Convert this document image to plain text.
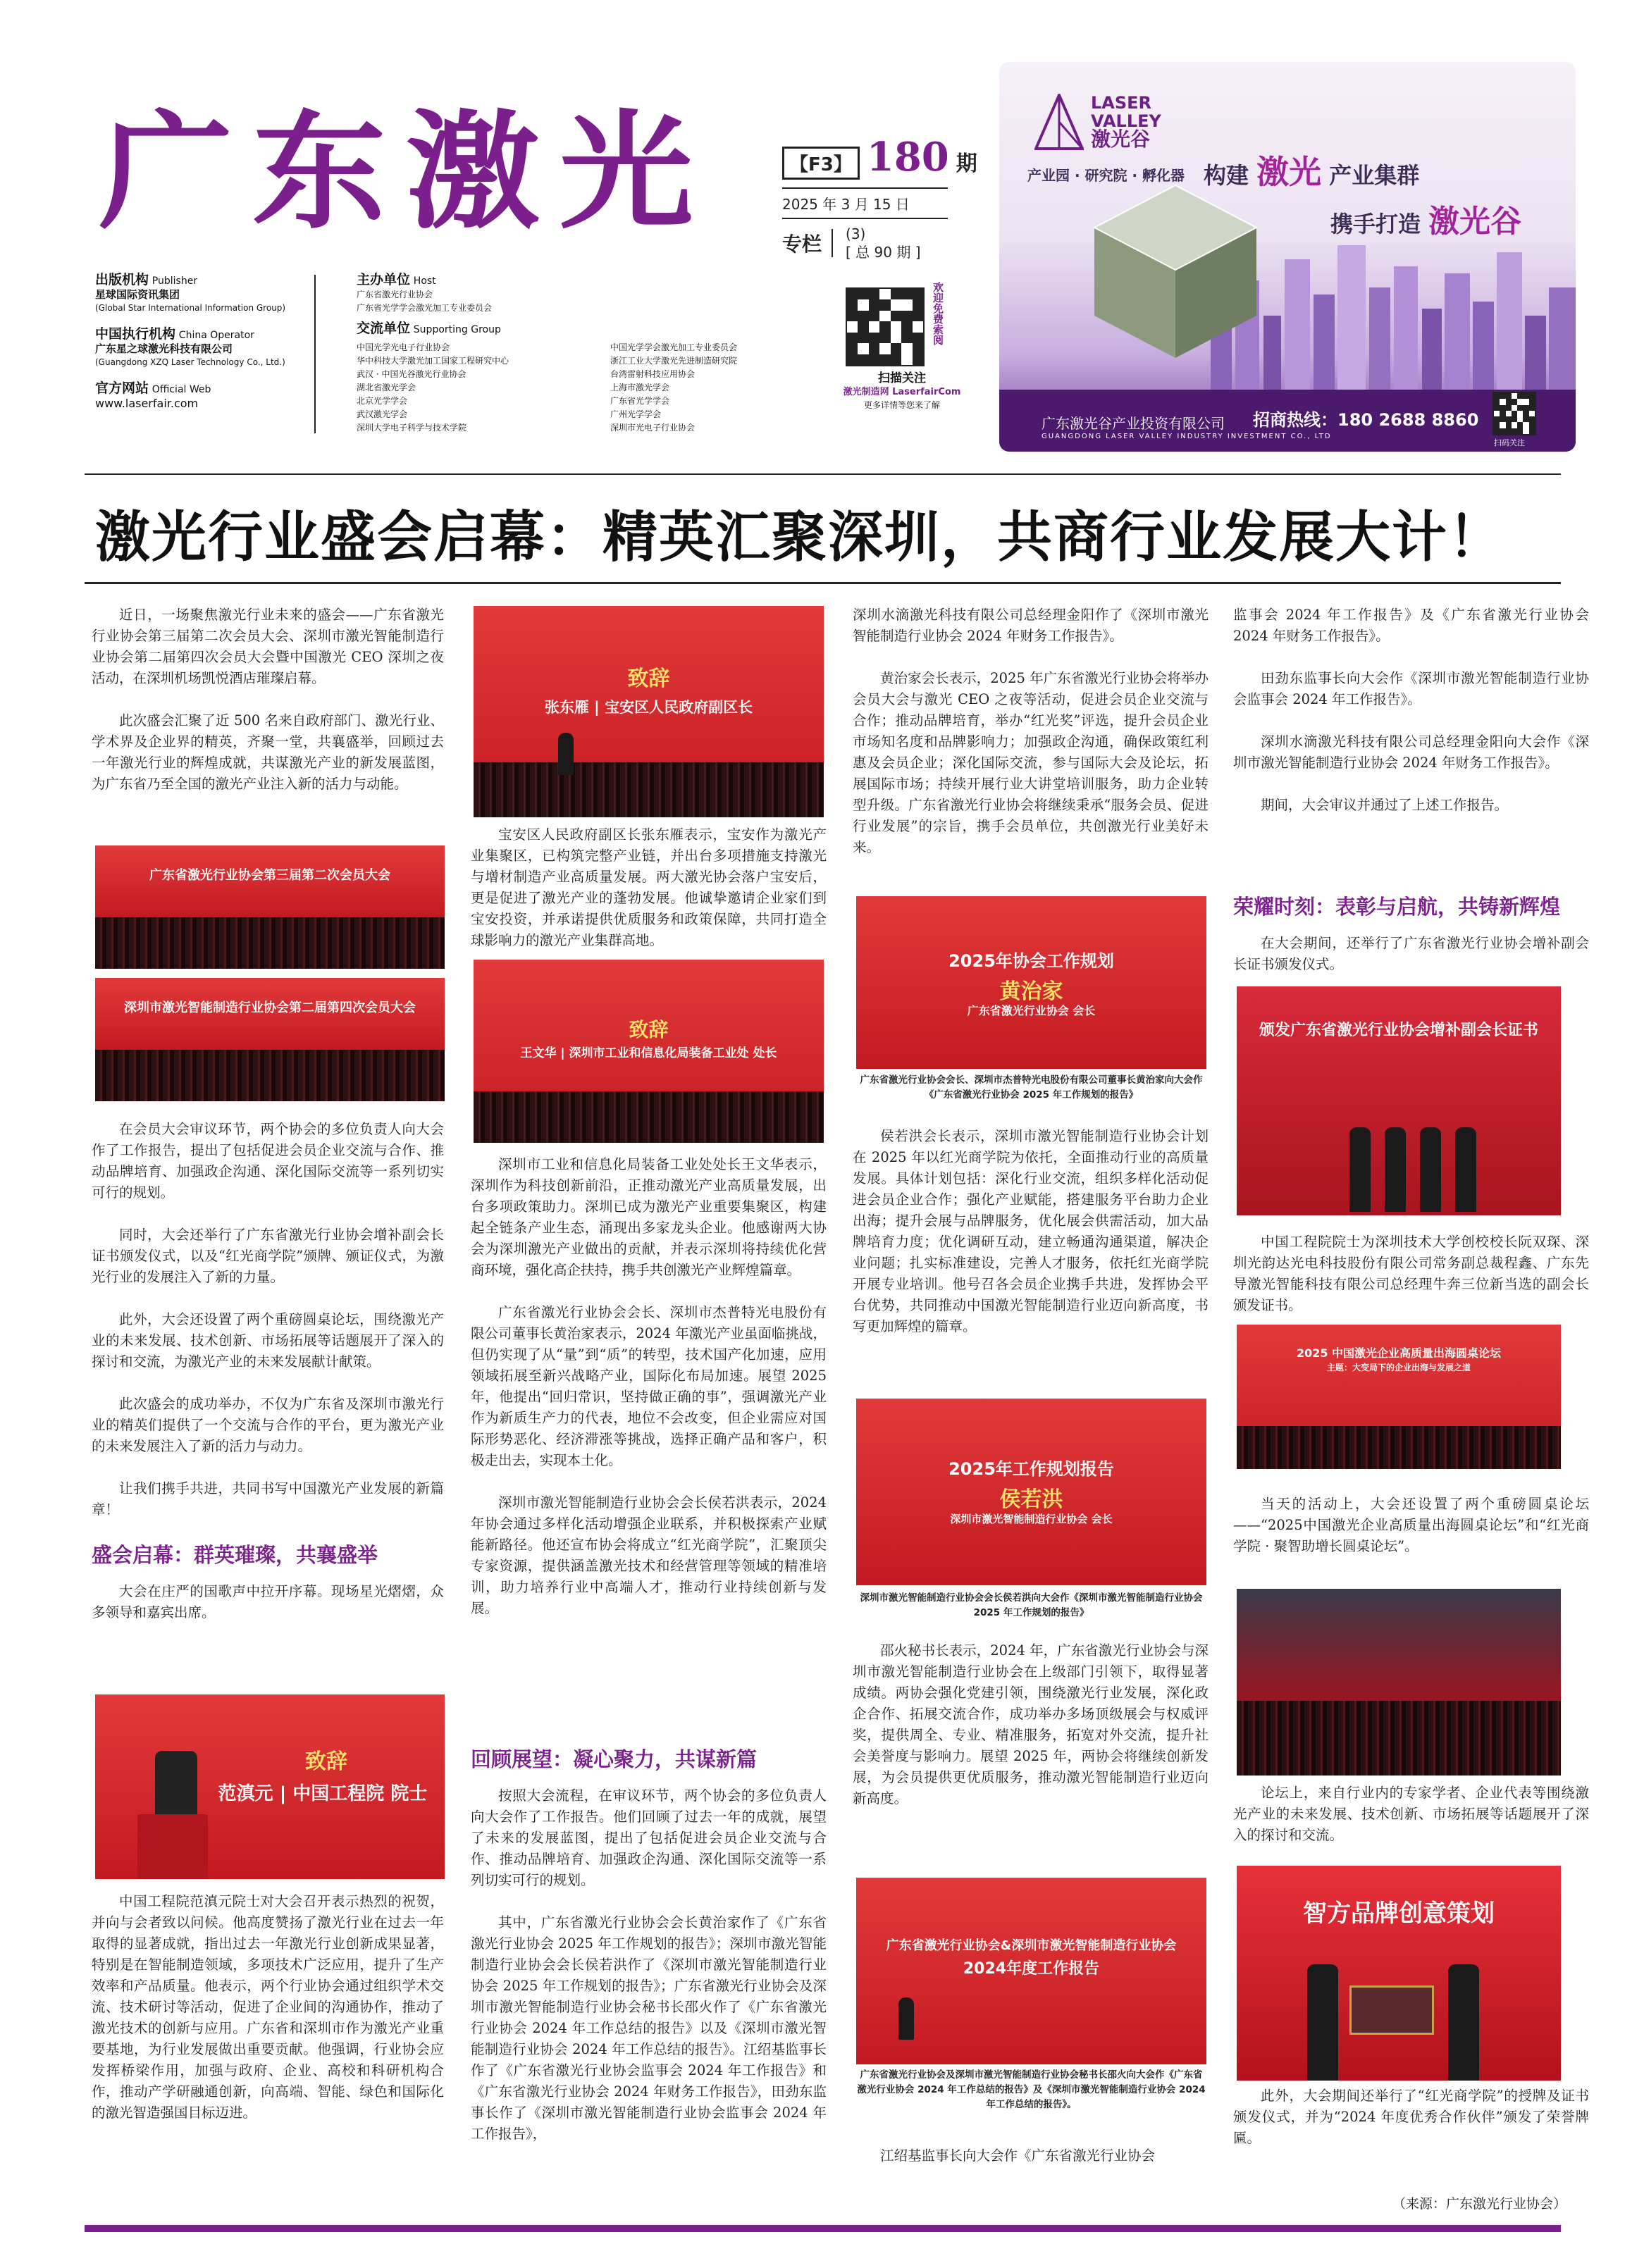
广东激光	【F3】 180 期
2025 年 3 月 15 日
专栏	(3)
[ 总 90 期 ]
出版机构 Publisher
星球国际资讯集团
(Global Star International Information Group)
中国执行机构 China Operator
广东星之球激光科技有限公司
(Guangdong XZQ Laser Technology Co., Ltd.)
官方网站 Official Web
www.laserfair.com
主办单位 Host
广东省激光行业协会
广东省光学学会激光加工专业委员会
交流单位 Supporting Group
中国光学光电子行业协会
华中科技大学激光加工国家工程研究中心
武汉 · 中国光谷激光行业协会
湖北省激光学会
北京光学学会
武汉激光学会
深圳大学电子科学与技术学院
中国光学学会激光加工专业委员会
浙江工业大学激光先进制造研究院
台湾雷射科技应用协会
上海市激光学会
广东省光学学会
广州光学学会
深圳市光电子行业协会
欢迎免费索阅
扫描关注
激光制造网 LaserfairCom
更多详情等您来了解
LASER
VALLEY
激光谷
产业园 · 研究院 · 孵化器 构建 激光 产业集群
携手打造 激光谷
广东激光谷产业投资有限公司
GUANGDONG LASER VALLEY INDUSTRY INVESTMENT CO., LTD
招商热线：180 2688 8860
扫码关注
激光行业盛会启幕：精英汇聚深圳，共商行业发展大计！

近日，一场聚焦激光行业未来的盛会——广东省激光行业协会第三届第二次会员大会、深圳市激光智能制造行业协会第二届第四次会员大会暨中国激光 CEO 深圳之夜活动，在深圳机场凯悦酒店璀璨启幕。

此次盛会汇聚了近 500 名来自政府部门、激光行业、学术界及企业界的精英，齐聚一堂，共襄盛举，回顾过去一年激光行业的辉煌成就，共谋激光产业的新发展蓝图，为广东省乃至全国的激光产业注入新的活力与动能。

广东省激光行业协会第三届第二次会员大会
深圳市激光智能制造行业协会第二届第四次会员大会

在会员大会审议环节，两个协会的多位负责人向大会作了工作报告，提出了包括促进会员企业交流与合作、推动品牌培育、加强政企沟通、深化国际交流等一系列切实可行的规划。

同时，大会还举行了广东省激光行业协会增补副会长证书颁发仪式，以及“红光商学院”颁牌、颁证仪式，为激光行业的发展注入了新的力量。

此外，大会还设置了两个重磅圆桌论坛，围绕激光产业的未来发展、技术创新、市场拓展等话题展开了深入的探讨和交流，为激光产业的未来发展献计献策。

此次盛会的成功举办，不仅为广东省及深圳市激光行业的精英们提供了一个交流与合作的平台，更为激光产业的未来发展注入了新的活力与动力。

让我们携手共进，共同书写中国激光产业发展的新篇章！

盛会启幕：群英璀璨，共襄盛举

大会在庄严的国歌声中拉开序幕。现场星光熠熠，众多领导和嘉宾出席。

致辞
范滇元 | 中国工程院 院士

中国工程院范滇元院士对大会召开表示热烈的祝贺，并向与会者致以问候。他高度赞扬了激光行业在过去一年取得的显著成就，指出过去一年激光行业创新成果显著，特别是在智能制造领域，多项技术广泛应用，提升了生产效率和产品质量。他表示，两个行业协会通过组织学术交流、技术研讨等活动，促进了企业间的沟通协作，推动了激光技术的创新与应用。广东省和深圳市作为激光产业重要基地，为行业发展做出重要贡献。他强调，行业协会应发挥桥梁作用，加强与政府、企业、高校和科研机构合作，推动产学研融通创新，向高端、智能、绿色和国际化的激光智造强国目标迈进。

致辞
张东雁 | 宝安区人民政府副区长

宝安区人民政府副区长张东雁表示，宝安作为激光产业集聚区，已构筑完整产业链，并出台多项措施支持激光与增材制造产业高质量发展。两大激光协会落户宝安后，更是促进了激光产业的蓬勃发展。他诚挚邀请企业家们到宝安投资，并承诺提供优质服务和政策保障，共同打造全球影响力的激光产业集群高地。

致辞
王文华 | 深圳市工业和信息化局装备工业处 处长

深圳市工业和信息化局装备工业处处长王文华表示，深圳作为科技创新前沿，正推动激光产业高质量发展，出台多项政策助力。深圳已成为激光产业重要集聚区，构建起全链条产业生态，涌现出多家龙头企业。他感谢两大协会为深圳激光产业做出的贡献，并表示深圳将持续优化营商环境，强化高企扶持，携手共创激光产业辉煌篇章。

广东省激光行业协会会长、深圳市杰普特光电股份有限公司董事长黄治家表示，2024 年激光产业虽面临挑战，但仍实现了从“量”到“质”的转型，技术国产化加速，应用领域拓展至新兴战略产业，国际化布局加速。展望 2025 年，他提出“回归常识，坚持做正确的事”，强调激光产业作为新质生产力的代表，地位不会改变，但企业需应对国际形势恶化、经济滞涨等挑战，选择正确产品和客户，积极走出去，实现本土化。

深圳市激光智能制造行业协会会长侯若洪表示，2024 年协会通过多样化活动增强企业联系，并积极探索产业赋能新路径。他还宣布协会将成立“红光商学院”，汇聚顶尖专家资源，提供涵盖激光技术和经营管理等领域的精准培训，助力培养行业中高端人才，推动行业持续创新与发展。

回顾展望：凝心聚力，共谋新篇

按照大会流程，在审议环节，两个协会的多位负责人向大会作了工作报告。他们回顾了过去一年的成就，展望了未来的发展蓝图，提出了包括促进会员企业交流与合作、推动品牌培育、加强政企沟通、深化国际交流等一系列切实可行的规划。

其中，广东省激光行业协会会长黄治家作了《广东省激光行业协会 2025 年工作规划的报告》；深圳市激光智能制造行业协会会长侯若洪作了《深圳市激光智能制造行业协会 2025 年工作规划的报告》；广东省激光行业协会及深圳市激光智能制造行业协会秘书长邵火作了《广东省激光行业协会 2024 年工作总结的报告》以及《深圳市激光智能制造行业协会 2024 年工作总结的报告》。江绍基监事长作了《广东省激光行业协会监事会 2024 年工作报告》和《广东省激光行业协会 2024 年财务工作报告》，田劲东监事长作了《深圳市激光智能制造行业协会监事会 2024 年工作报告》，

深圳水滴激光科技有限公司总经理金阳作了《深圳市激光智能制造行业协会 2024 年财务工作报告》。

黄治家会长表示，2025 年广东省激光行业协会将举办会员大会与激光 CEO 之夜等活动，促进会员企业交流与合作；推动品牌培育，举办“红光奖”评选，提升会员企业市场知名度和品牌影响力；加强政企沟通，确保政策红利惠及会员企业；深化国际交流，参与国际大会及论坛，拓展国际市场；持续开展行业大讲堂培训服务，助力企业转型升级。广东省激光行业协会将继续秉承“服务会员、促进行业发展”的宗旨，携手会员单位，共创激光行业美好未来。

2025年协会工作规划
黄治家
广东省激光行业协会 会长
广东省激光行业协会会长、深圳市杰普特光电股份有限公司董事长黄治家向大会作《广东省激光行业协会 2025 年工作规划的报告》

侯若洪会长表示，深圳市激光智能制造行业协会计划在 2025 年以红光商学院为依托，全面推动行业的高质量发展。具体计划包括：深化行业交流，组织多样化活动促进会员企业合作；强化产业赋能，搭建服务平台助力企业出海；提升会展与品牌服务，优化展会供需活动，加大品牌培育力度；优化调研互动，建立畅通沟通渠道，解决企业问题；扎实标准建设，完善人才服务，依托红光商学院开展专业培训。他号召各会员企业携手共进，发挥协会平台优势，共同推动中国激光智能制造行业迈向新高度，书写更加辉煌的篇章。

2025年工作规划报告
侯若洪
深圳市激光智能制造行业协会 会长
深圳市激光智能制造行业协会会长侯若洪向大会作《深圳市激光智能制造行业协会 2025 年工作规划的报告》

邵火秘书长表示，2024 年，广东省激光行业协会与深圳市激光智能制造行业协会在上级部门引领下，取得显著成绩。两协会强化党建引领，围绕激光行业发展，深化政企合作、拓展交流合作，成功举办多场顶级展会与权威评奖，提供周全、专业、精准服务，拓宽对外交流，提升社会美誉度与影响力。展望 2025 年，两协会将继续创新发展，为会员提供更优质服务，推动激光智能制造行业迈向新高度。

广东省激光行业协会&深圳市激光智能制造行业协会
2024年度工作报告
广东省激光行业协会及深圳市激光智能制造行业协会秘书长邵火向大会作《广东省激光行业协会 2024 年工作总结的报告》及《深圳市激光智能制造行业协会 2024 年工作总结的报告》。

江绍基监事长向大会作《广东省激光行业协会

监事会 2024 年工作报告》及《广东省激光行业协会 2024 年财务工作报告》。

田劲东监事长向大会作《深圳市激光智能制造行业协会监事会 2024 年工作报告》。

深圳水滴激光科技有限公司总经理金阳向大会作《深圳市激光智能制造行业协会 2024 年财务工作报告》。

期间，大会审议并通过了上述工作报告。

荣耀时刻：表彰与启航，共铸新辉煌

在大会期间，还举行了广东省激光行业协会增补副会长证书颁发仪式。

颁发广东省激光行业协会增补副会长证书

中国工程院院士为深圳技术大学创校校长阮双琛、深圳光韵达光电科技股份有限公司常务副总裁程鑫、广东先导激光智能科技有限公司总经理牛奔三位新当选的副会长颁发证书。

2025 中国激光企业高质量出海圆桌论坛
主题：大变局下的企业出海与发展之道

当天的活动上，大会还设置了两个重磅圆桌论坛——“2025中国激光企业高质量出海圆桌论坛”和“红光商学院 · 聚智助增长圆桌论坛”。

论坛上，来自行业内的专家学者、企业代表等围绕激光产业的未来发展、技术创新、市场拓展等话题展开了深入的探讨和交流。

智方品牌创意策划

此外，大会期间还举行了“红光商学院”的授牌及证书颁发仪式，并为“2024 年度优秀合作伙伴”颁发了荣誉牌匾。

（来源：广东激光行业协会）
